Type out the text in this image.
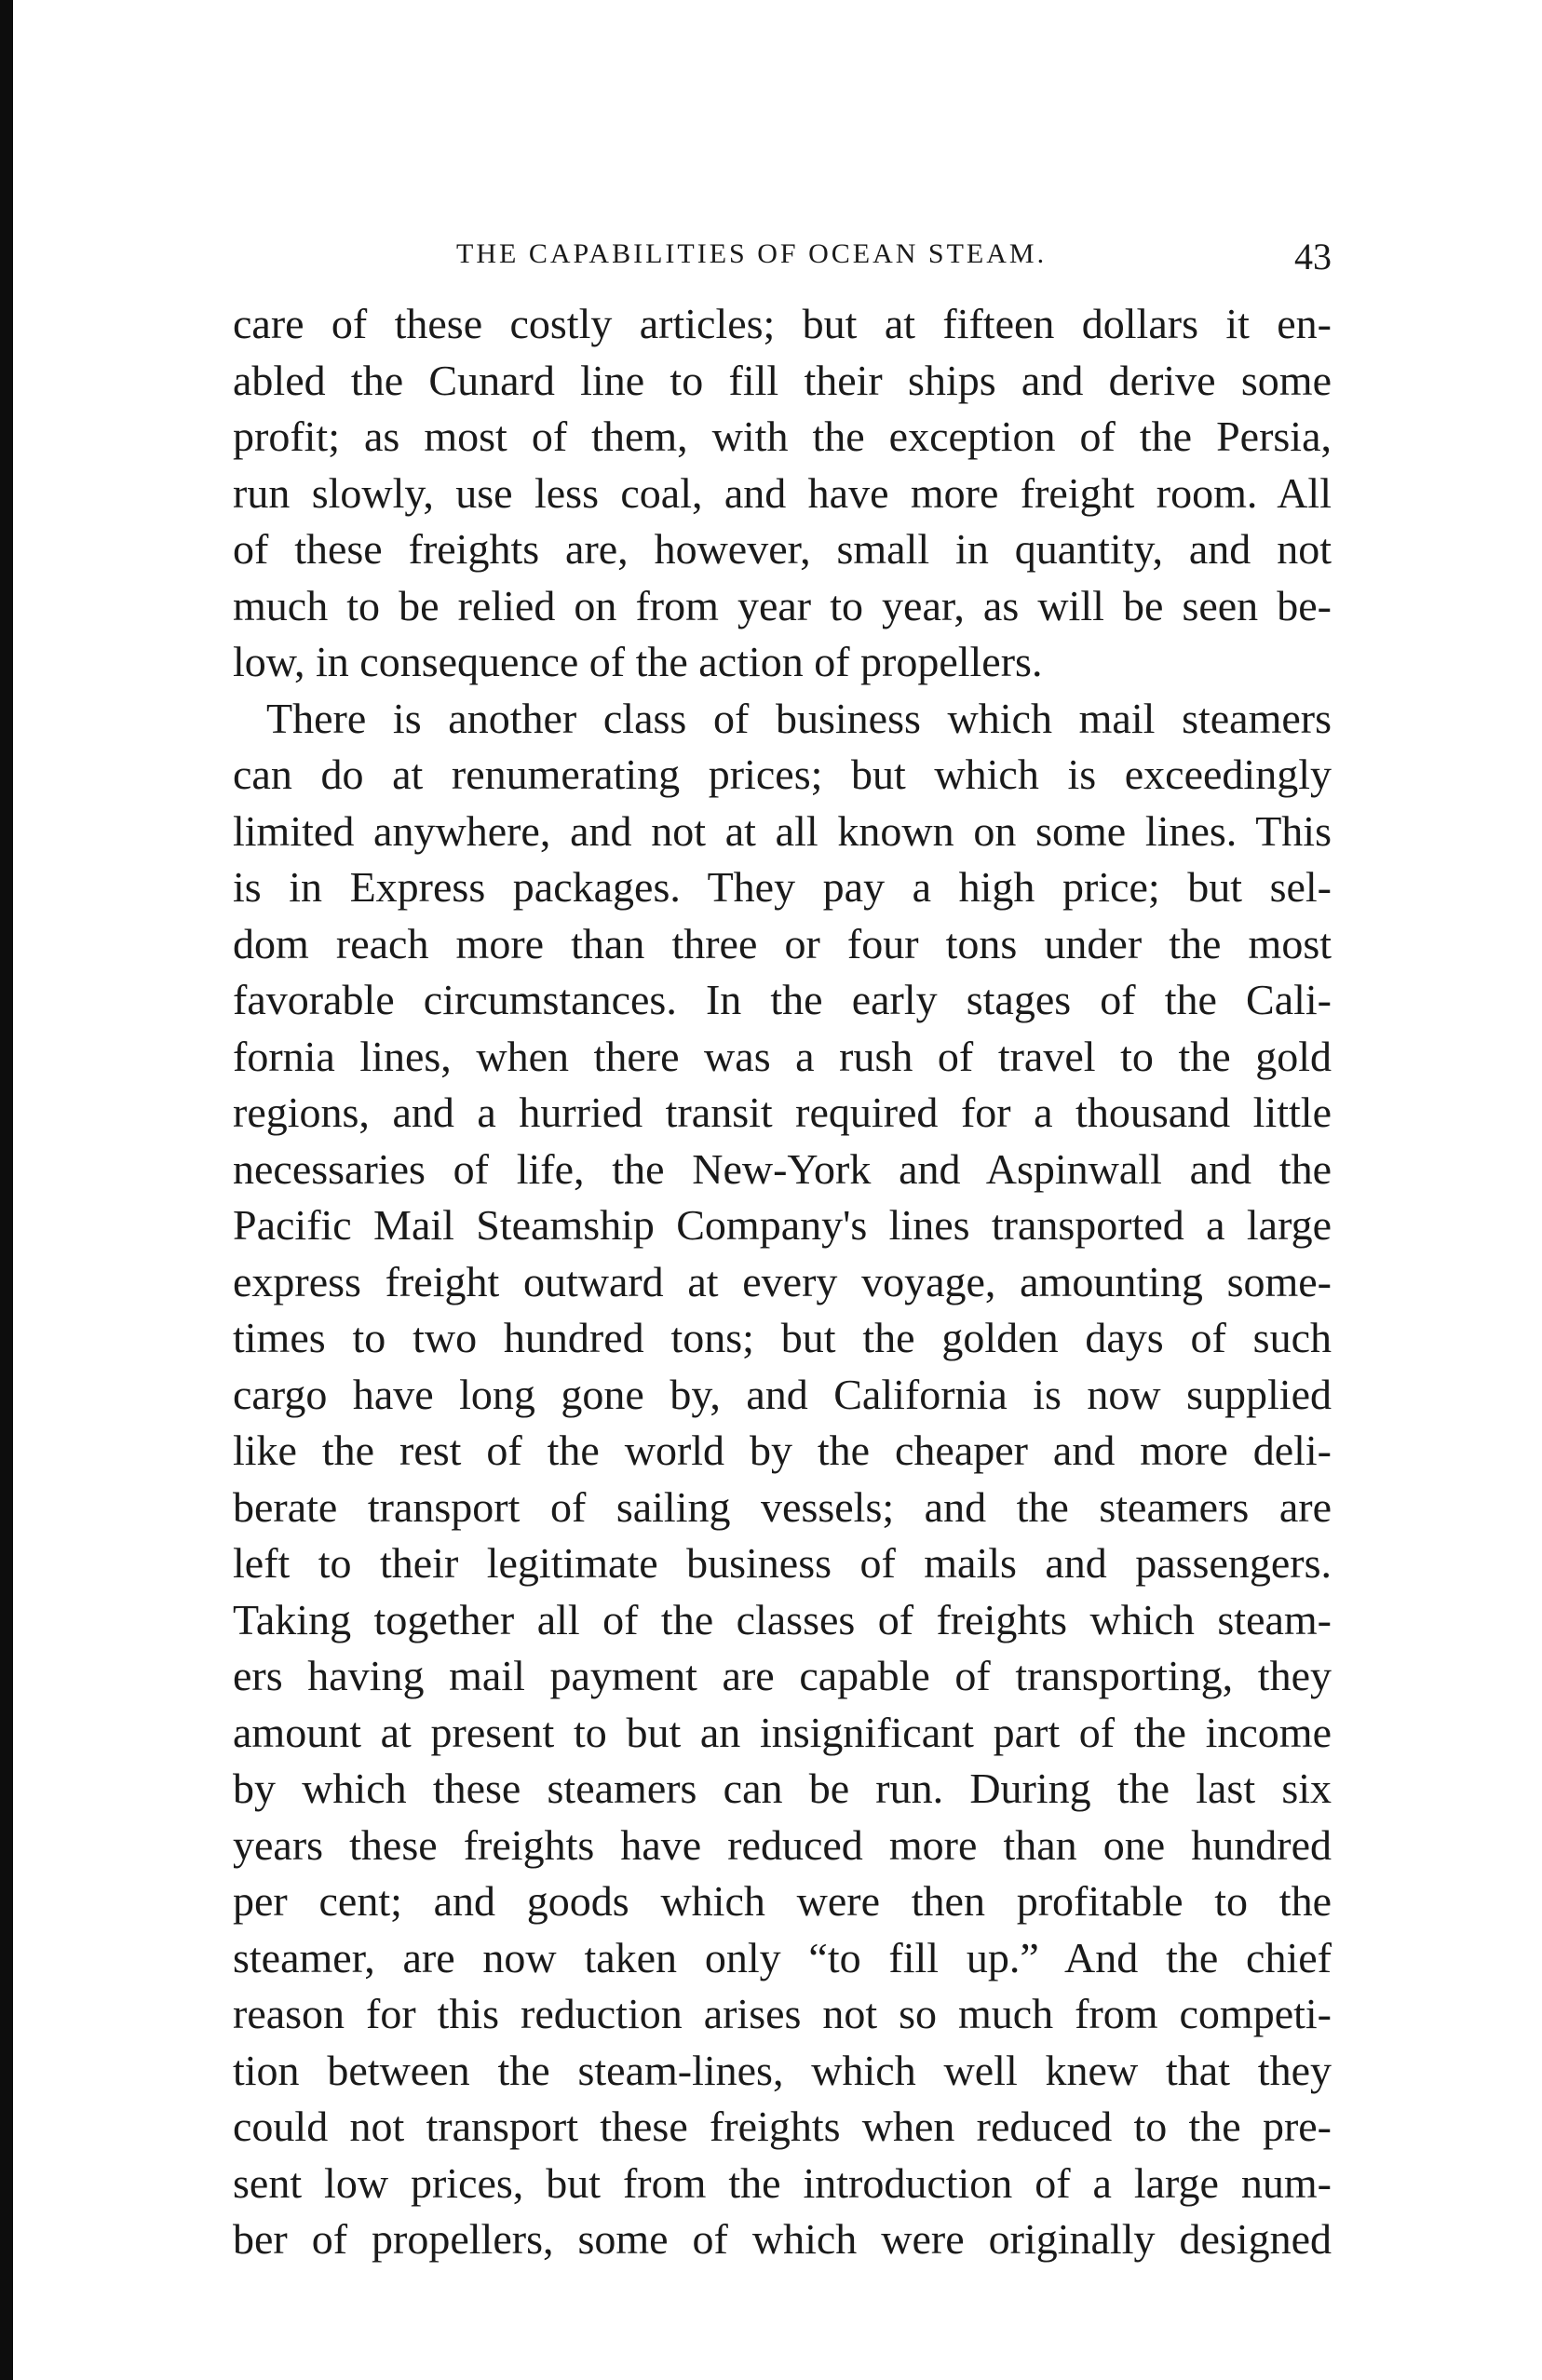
THE CAPABILITIES OF OCEAN STEAM.	43
care of these costly articles; but at fifteen dollars it en-
abled the Cunard line to fill their ships and derive some
profit; as most of them, with the exception of the Persia,
run slowly, use less coal, and have more freight room. All
of these freights are, however, small in quantity, and not
much to be relied on from year to year, as will be seen be-
low, in consequence of the action of propellers.
There is another class of business which mail steamers
can do at renumerating prices; but which is exceedingly
limited anywhere, and not at all known on some lines. This
is in Express packages. They pay a high price; but sel-
dom reach more than three or four tons under the most
favorable circumstances. In the early stages of the Cali-
fornia lines, when there was a rush of travel to the gold
regions, and a hurried transit required for a thousand little
necessaries of life, the New-York and Aspinwall and the
Pacific Mail Steamship Company's lines transported a large
express freight outward at every voyage, amounting some-
times to two hundred tons; but the golden days of such
cargo have long gone by, and California is now supplied
like the rest of the world by the cheaper and more deli-
berate transport of sailing vessels; and the steamers are
left to their legitimate business of mails and passengers.
Taking together all of the classes of freights which steam-
ers having mail payment are capable of transporting, they
amount at present to but an insignificant part of the income
by which these steamers can be run. During the last six
years these freights have reduced more than one hundred
per cent; and goods which were then profitable to the
steamer, are now taken only “to fill up.” And the chief
reason for this reduction arises not so much from competi-
tion between the steam-lines, which well knew that they
could not transport these freights when reduced to the pre-
sent low prices, but from the introduction of a large num-
ber of propellers, some of which were originally designed
